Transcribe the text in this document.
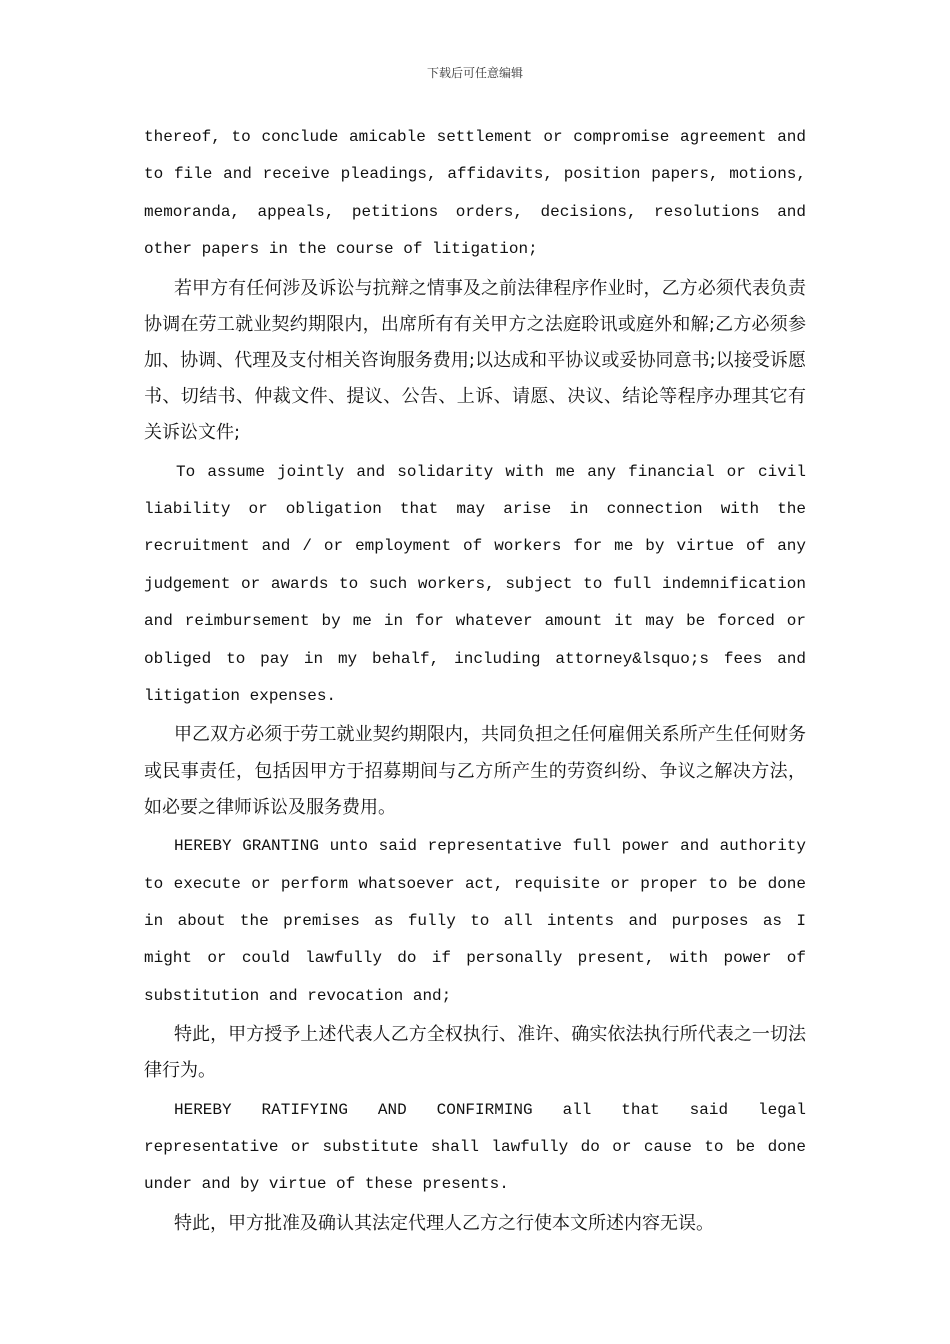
下载后可任意编辑

thereof, to conclude amicable settlement or compromise agreement and to file and receive pleadings, affidavits, position papers, motions, memoranda, appeals, petitions orders, decisions, resolutions and other papers in the course of litigation;

若甲方有任何涉及诉讼与抗辩之情事及之前法律程序作业时，乙方必须代表负责协调在劳工就业契约期限内，出席所有有关甲方之法庭聆讯或庭外和解;乙方必须参加、协调、代理及支付相关咨询服务费用;以达成和平协议或妥协同意书;以接受诉愿书、切结书、仲裁文件、提议、公告、上诉、请愿、决议、结论等程序办理其它有关诉讼文件;

To assume jointly and solidarity with me any financial or civil liability or obligation that may arise in connection with the recruitment and / or employment of workers for me by virtue of any judgement or awards to such workers, subject to full indemnification and reimbursement by me in for whatever amount it may be forced or obliged to pay in my behalf, including attorney&lsquo;s fees and litigation expenses.

甲乙双方必须于劳工就业契约期限内，共同负担之任何雇佣关系所产生任何财务或民事责任，包括因甲方于招募期间与乙方所产生的劳资纠纷、争议之解决方法，如必要之律师诉讼及服务费用。

HEREBY GRANTING unto said representative full power and authority to execute or perform whatsoever act, requisite or proper to be done in about the premises as fully to all intents and purposes as I might or could lawfully do if personally present, with power of substitution and revocation and;

特此，甲方授予上述代表人乙方全权执行、准许、确实依法执行所代表之一切法律行为。

HEREBY RATIFYING AND CONFIRMING all that said legal representative or substitute shall lawfully do or cause to be done under and by virtue of these presents.

特此，甲方批准及确认其法定代理人乙方之行使本文所述内容无误。
